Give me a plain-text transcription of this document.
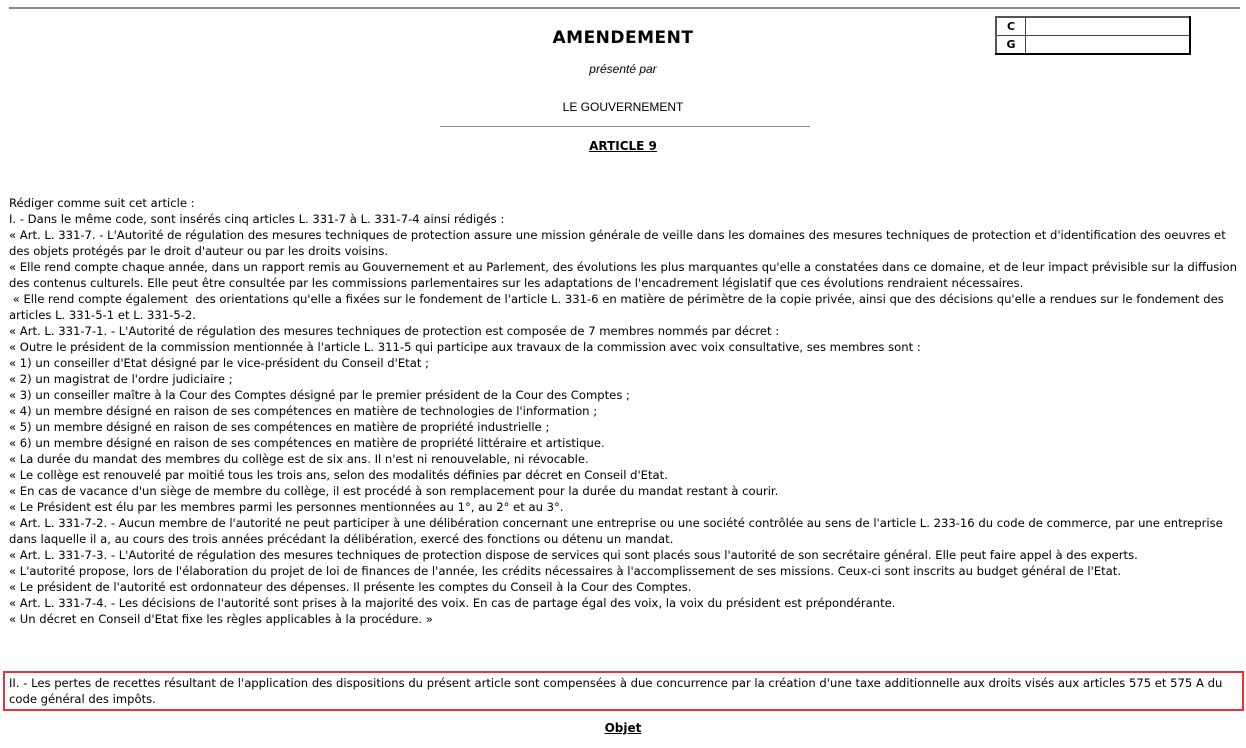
AMENDEMENT
présenté par
LE GOUVERNEMENT
ARTICLE 9
C	
G	

Rédiger comme suit cet article :

I. - Dans le même code, sont insérés cinq articles L. 331-7 à L. 331-7-4 ainsi rédigés :

« Art. L. 331-7. - L'Autorité de régulation des mesures techniques de protection assure une mission générale de veille dans les domaines des mesures techniques de protection et d'identification des oeuvres et des objets protégés par le droit d'auteur ou par les droits voisins.

« Elle rend compte chaque année, dans un rapport remis au Gouvernement et au Parlement, des évolutions les plus marquantes qu'elle a constatées dans ce domaine, et de leur impact prévisible sur la diffusion des contenus culturels. Elle peut être consultée par les commissions parlementaires sur les adaptations de l'encadrement législatif que ces évolutions rendraient nécessaires.

« Elle rend compte également  des orientations qu'elle a fixées sur le fondement de l'article L. 331-6 en matière de périmètre de la copie privée, ainsi que des décisions qu'elle a rendues sur le fondement des articles L. 331-5-1 et L. 331-5-2.

« Art. L. 331-7-1. - L'Autorité de régulation des mesures techniques de protection est composée de 7 membres nommés par décret :

« Outre le président de la commission mentionnée à l'article L. 311-5 qui participe aux travaux de la commission avec voix consultative, ses membres sont :

« 1) un conseiller d'Etat désigné par le vice-président du Conseil d'Etat ;

« 2) un magistrat de l'ordre judiciaire ;

« 3) un conseiller maître à la Cour des Comptes désigné par le premier président de la Cour des Comptes ;

« 4) un membre désigné en raison de ses compétences en matière de technologies de l'information ;

« 5) un membre désigné en raison de ses compétences en matière de propriété industrielle ;

« 6) un membre désigné en raison de ses compétences en matière de propriété littéraire et artistique.

« La durée du mandat des membres du collège est de six ans. Il n'est ni renouvelable, ni révocable.

« Le collège est renouvelé par moitié tous les trois ans, selon des modalités définies par décret en Conseil d'Etat.

« En cas de vacance d'un siège de membre du collège, il est procédé à son remplacement pour la durée du mandat restant à courir.

« Le Président est élu par les membres parmi les personnes mentionnées au 1°, au 2° et au 3°.

« Art. L. 331-7-2. - Aucun membre de l'autorité ne peut participer à une délibération concernant une entreprise ou une société contrôlée au sens de l'article L. 233-16 du code de commerce, par une entreprise dans laquelle il a, au cours des trois années précédant la délibération, exercé des fonctions ou détenu un mandat.

« Art. L. 331-7-3. - L'Autorité de régulation des mesures techniques de protection dispose de services qui sont placés sous l'autorité de son secrétaire général. Elle peut faire appel à des experts.

« L'autorité propose, lors de l'élaboration du projet de loi de finances de l'année, les crédits nécessaires à l'accomplissement de ses missions. Ceux-ci sont inscrits au budget général de l'Etat.

« Le président de l'autorité est ordonnateur des dépenses. Il présente les comptes du Conseil à la Cour des Comptes.

« Art. L. 331-7-4. - Les décisions de l'autorité sont prises à la majorité des voix. En cas de partage égal des voix, la voix du président est prépondérante.

« Un décret en Conseil d'Etat fixe les règles applicables à la procédure. »

II. - Les pertes de recettes résultant de l'application des dispositions du présent article sont compensées à due concurrence par la création d'une taxe additionnelle aux droits visés aux articles 575 et 575 A du code général des impôts.
Objet
